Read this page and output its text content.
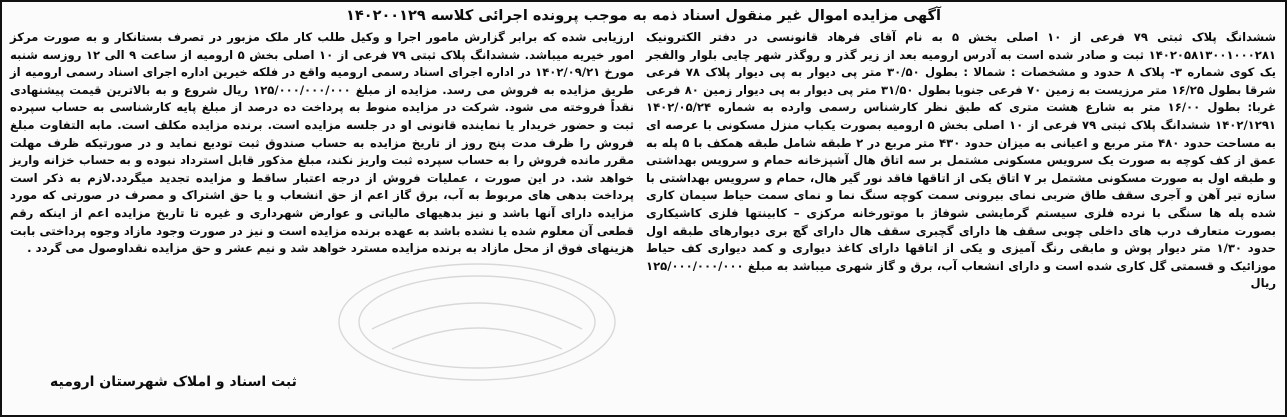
آگهی مزایده اموال غیر منقول اسناد ذمه به موجب پرونده اجرائی کلاسه ۱۴۰۲۰۰۱۲۹

ششدانگ پلاک ثبتی ۷۹ فرعی از ۱۰ اصلی بخش ۵ به نام آقای فرهاد قانونسی در دفتر الکترونیک ۱۴۰۲۰۵۸۱۳۰۰۱۰۰۰۲۸۱ ثبت و صادر شده است به آدرس ارومیه بعد از زیر گذر و روگذر شهر چایی بلوار والفجر یک کوی شماره ۳- پلاک ۸ حدود و مشخصات : شمالا : بطول ۳۰/۵۰ متر پی دیوار به پی دیوار پلاک ۷۸ فرعی شرقا بطول ۱۶/۲۵ متر مرزیست به زمین ۷۰ فرعی جنوبا بطول ۳۱/۵۰ متر پی دیوار به پی دیوار زمین ۸۰ فرعی غربا: بطول ۱۶/۰۰ متر به شارع هشت متری که طبق نظر کارشناس رسمی وارده به شماره ۱۴۰۲/۰۵/۲۴ ۱۴۰۲/۱۲۹۱ ششدانگ پلاک ثبتی ۷۹ فرعی از ۱۰ اصلی بخش ۵ ارومیه بصورت یکباب منزل مسکونی با عرصه ای به مساحت حدود ۴۸۰ متر مربع و اعیانی به میزان حدود ۴۳۰ متر مربع در ۲ طبقه شامل طبقه همکف با ۵ پله به عمق از کف کوچه به صورت یک سرویس مسکونی مشتمل بر سه اتاق هال آشپزخانه حمام و سرویس بهداشتی و طبقه اول به صورت مسکونی مشتمل بر ۷ اتاق یکی از اتاقها فاقد نور گیر هال، حمام و سرویس بهداشتی با سازه تیر آهن و آجری سقف طاق ضربی نمای بیرونی سمت کوچه سنگ نما و نمای سمت حیاط سیمان کاری شده پله ها سنگی با نرده فلزی سیستم گرمایشی شوفاژ با موتورخانه مرکزی – کابینتها فلزی کاشیکاری بصورت متعارف درب های داخلی چوبی سقف ها دارای گچبری سقف هال دارای گچ بری دیوارهای طبقه اول حدود ۱/۳۰ متر دیوار پوش و مابقی رنگ آمیزی و یکی از اتاقها دارای کاغذ دیواری و کمد دیواری کف حیاط موزائیک و قسمتی گل کاری شده است و دارای انشعاب آب، برق و گاز شهری میباشد به مبلغ ۱۲۵/۰۰۰/۰۰۰/۰۰۰ ریال

ارزیابی شده که برابر گزارش مامور اجرا و وکیل طلب کار ملک مزبور در تصرف بستانکار و به صورت مرکز امور خیریه میباشد. ششدانگ پلاک ثبتی ۷۹ فرعی از ۱۰ اصلی بخش ۵ ارومیه از ساعت ۹ الی ۱۲ روزسه شنبه مورخ ۱۴۰۲/۰۹/۲۱ در اداره اجرای اسناد رسمی ارومیه واقع در فلکه خیرین اداره اجرای اسناد رسمی ارومیه از طریق مزایده به فروش می رسد. مزایده از مبلغ ۱۲۵/۰۰۰/۰۰۰/۰۰۰ ریال شروع و به بالاترین قیمت پیشنهادی نقداً فروخته می شود. شرکت در مزایده منوط به پرداخت ده درصد از مبلغ پایه کارشناسی به حساب سپرده ثبت و حضور خریدار یا نماینده قانونی او در جلسه مزایده است. برنده مزایده مکلف است. مابه التفاوت مبلغ فروش را ظرف مدت پنج روز از تاریخ مزایده به حساب صندوق ثبت تودیع نماید و در صورتیکه ظرف مهلت مقرر مانده فروش را به حساب سپرده ثبت واریز نکند، مبلغ مذکور قابل استرداد نبوده و به حساب خزانه واریز خواهد شد. در این صورت ، عملیات فروش از درجه اعتبار ساقط و مزایده تجدید میگردد.لازم به ذکر است پرداخت بدهی های مربوط به آب، برق گاز اعم از حق انشعاب و یا حق اشتراک و مصرف در صورتی که مورد مزایده دارای آنها باشد و نیز بدهیهای مالیاتی و عوارض شهرداری و غیره تا تاریخ مزایده اعم از اینکه رقم قطعی آن معلوم شده یا نشده باشد به عهده برنده مزایده است و نیز در صورت وجود مازاد وجوه پرداختی بابت هزینهای فوق از محل مازاد به برنده مزایده مسترد خواهد شد و نیم عشر و حق مزایده نقداوصول می گردد .

ثبت اسناد و املاک شهرستان ارومیه
